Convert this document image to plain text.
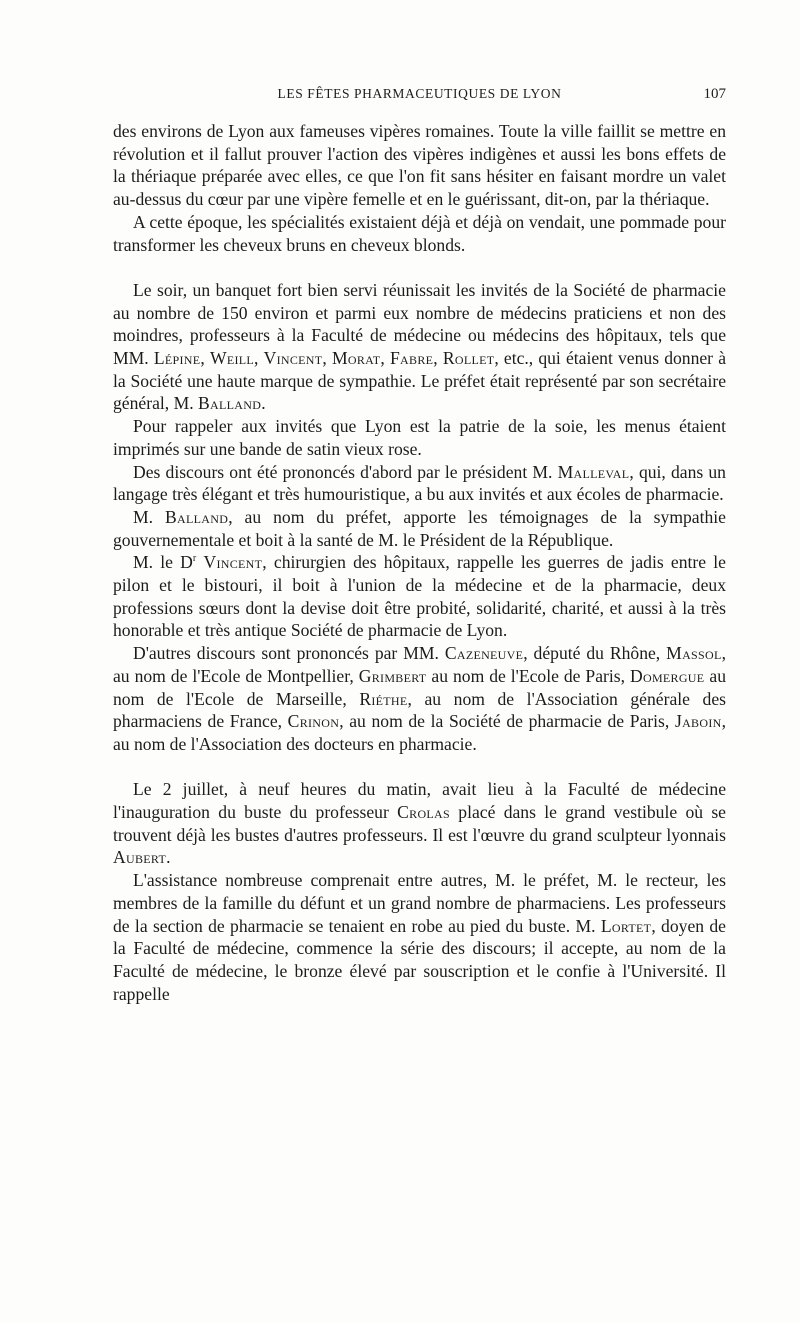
LES FÊTES PHARMACEUTIQUES DE LYON	107

des environs de Lyon aux fameuses vipères romaines. Toute la ville faillit se mettre en révolution et il fallut prouver l'action des vipères indigènes et aussi les bons effets de la thériaque préparée avec elles, ce que l'on fit sans hésiter en faisant mordre un valet au-dessus du cœur par une vipère femelle et en le guérissant, dit-on, par la thériaque.

A cette époque, les spécialités existaient déjà et déjà on vendait, une pommade pour transformer les cheveux bruns en cheveux blonds.

Le soir, un banquet fort bien servi réunissait les invités de la Société de pharmacie au nombre de 150 environ et parmi eux nombre de médecins praticiens et non des moindres, professeurs à la Faculté de médecine ou médecins des hôpitaux, tels que MM. Lépine, Weill, Vincent, Morat, Fabre, Rollet, etc., qui étaient venus donner à la Société une haute marque de sympathie. Le préfet était représenté par son secrétaire général, M. Balland.

Pour rappeler aux invités que Lyon est la patrie de la soie, les menus étaient imprimés sur une bande de satin vieux rose.

Des discours ont été prononcés d'abord par le président M. Malleval, qui, dans un langage très élégant et très humouristique, a bu aux invités et aux écoles de pharmacie.

M. Balland, au nom du préfet, apporte les témoignages de la sympathie gouvernementale et boit à la santé de M. le Président de la République.

M. le $D^r$ Vincent, chirurgien des hôpitaux, rappelle les guerres de jadis entre le pilon et le bistouri, il boit à l'union de la médecine et de la pharmacie, deux professions sœurs dont la devise doit être probité, solidarité, charité, et aussi à la très honorable et très antique Société de pharmacie de Lyon.

D'autres discours sont prononcés par MM. Cazeneuve, député du Rhône, Massol, au nom de l'Ecole de Montpellier, Grimbert au nom de l'Ecole de Paris, Domergue au nom de l'Ecole de Marseille, Riéthe, au nom de l'Association générale des pharmaciens de France, Crinon, au nom de la Société de pharmacie de Paris, Jaboin, au nom de l'Association des docteurs en pharmacie.

Le 2 juillet, à neuf heures du matin, avait lieu à la Faculté de médecine l'inauguration du buste du professeur Crolas placé dans le grand vestibule où se trouvent déjà les bustes d'autres professeurs. Il est l'œuvre du grand sculpteur lyonnais Aubert.

L'assistance nombreuse comprenait entre autres, M. le préfet, M. le recteur, les membres de la famille du défunt et un grand nombre de pharmaciens. Les professeurs de la section de pharmacie se tenaient en robe au pied du buste. M. Lortet, doyen de la Faculté de médecine, commence la série des discours; il accepte, au nom de la Faculté de médecine, le bronze élevé par souscription et le confie à l'Université. Il rappelle
